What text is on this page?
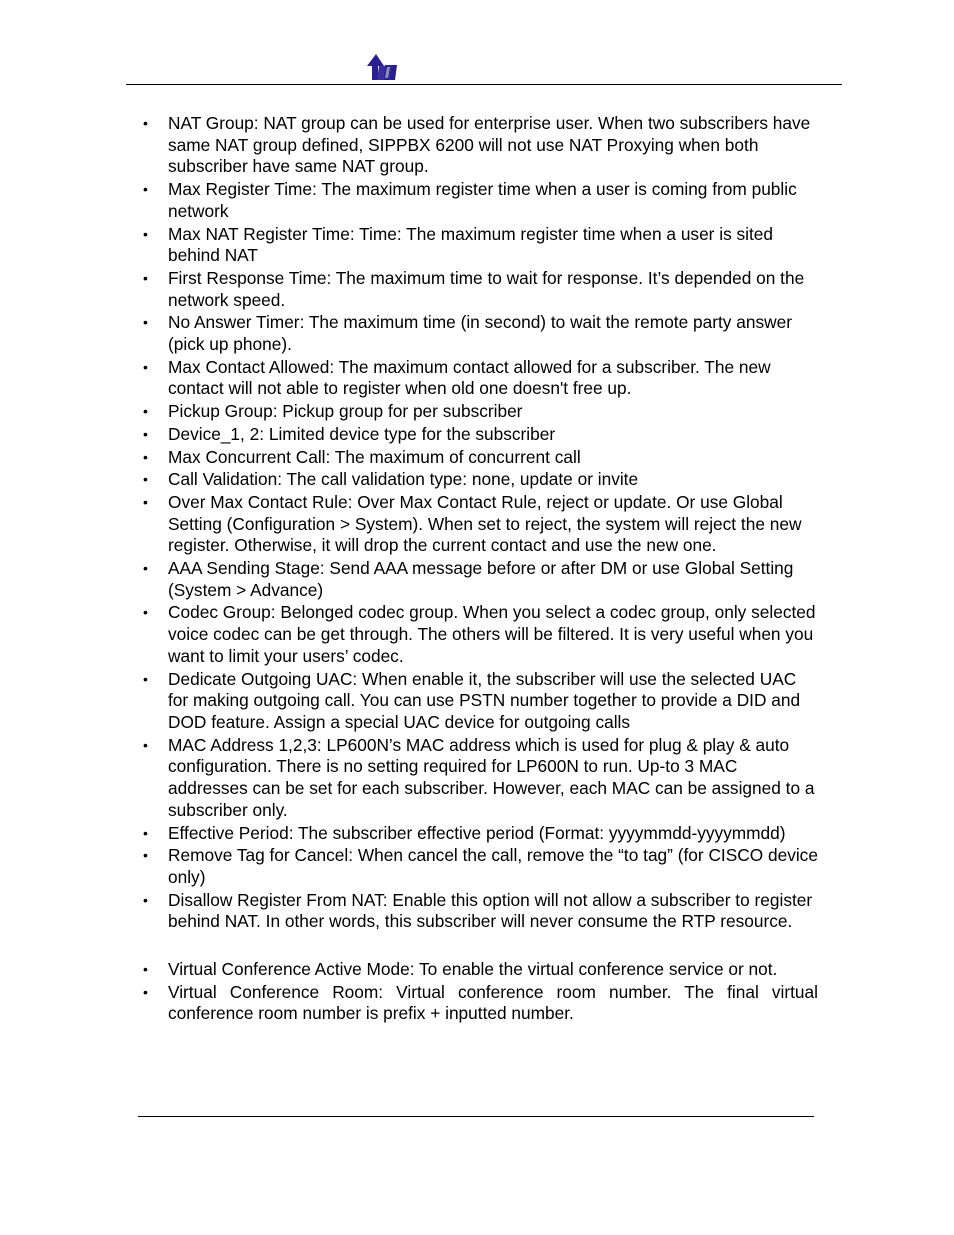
• NAT Group: NAT group can be used for enterprise user. When two subscribers have same NAT group defined, SIPPBX 6200 will not use NAT Proxying when both subscriber have same NAT group.
• Max Register Time: The maximum register time when a user is coming from public network
• Max NAT Register Time: Time: The maximum register time when a user is sited behind NAT
• First Response Time: The maximum time to wait for response. It’s depended on the network speed.
• No Answer Timer: The maximum time (in second) to wait the remote party answer (pick up phone).
• Max Contact Allowed: The maximum contact allowed for a subscriber. The new contact will not able to register when old one doesn't free up.
• Pickup Group: Pickup group for per subscriber
• Device_1, 2: Limited device type for the subscriber
• Max Concurrent Call: The maximum of concurrent call
• Call Validation: The call validation type: none, update or invite
• Over Max Contact Rule: Over Max Contact Rule, reject or update. Or use Global Setting (Configuration > System). When set to reject, the system will reject the new register. Otherwise, it will drop the current contact and use the new one.
• AAA Sending Stage: Send AAA message before or after DM or use Global Setting (System > Advance)
• Codec Group: Belonged codec group. When you select a codec group, only selected voice codec can be get through. The others will be filtered. It is very useful when you want to limit your users’ codec.
• Dedicate Outgoing UAC: When enable it, the subscriber will use the selected UAC for making outgoing call. You can use PSTN number together to provide a DID and DOD feature. Assign a special UAC device for outgoing calls
• MAC Address 1,2,3: LP600N’s MAC address which is used for plug & play & auto configuration. There is no setting required for LP600N to run. Up-to 3 MAC addresses can be set for each subscriber. However, each MAC can be assigned to a subscriber only.
• Effective Period: The subscriber effective period (Format: yyyymmdd-yyyymmdd)
• Remove Tag for Cancel: When cancel the call, remove the “to tag” (for CISCO device only)
• Disallow Register From NAT: Enable this option will not allow a subscriber to register behind NAT. In other words, this subscriber will never consume the RTP resource.
• Virtual Conference Active Mode: To enable the virtual conference service or not.
• Virtual Conference Room: Virtual conference room number. The final virtual conference room number is prefix + inputted number.
